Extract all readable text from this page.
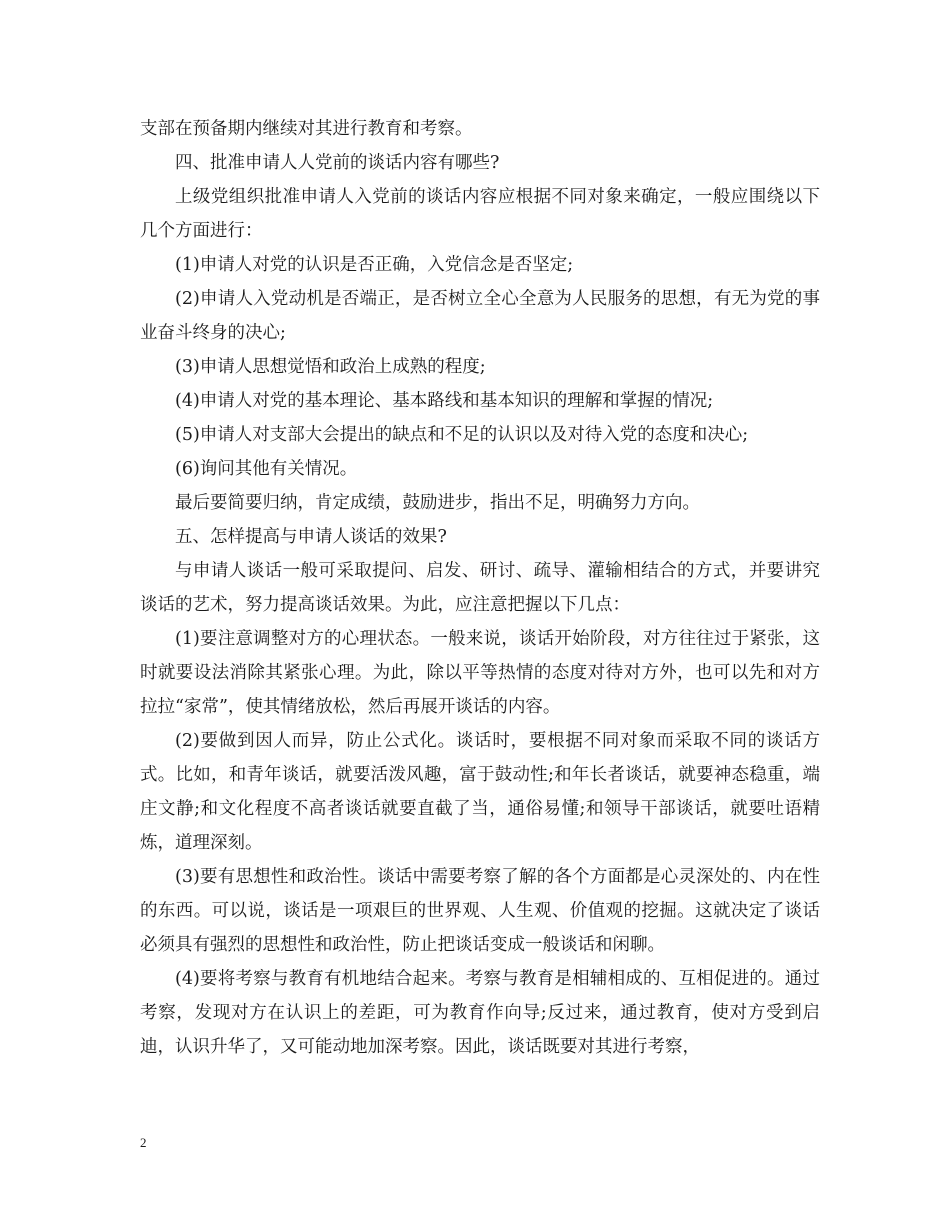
支部在预备期内继续对其进行教育和考察。

四、批准申请人人党前的谈话内容有哪些?

上级党组织批准申请人入党前的谈话内容应根据不同对象来确定，一般应围绕以下几个方面进行：

(1)申请人对党的认识是否正确，入党信念是否坚定;

(2)申请人入党动机是否端正，是否树立全心全意为人民服务的思想，有无为党的事业奋斗终身的决心;

(3)申请人思想觉悟和政治上成熟的程度;

(4)申请人对党的基本理论、基本路线和基本知识的理解和掌握的情况;

(5)申请人对支部大会提出的缺点和不足的认识以及对待入党的态度和决心;

(6)询问其他有关情况。

最后要简要归纳，肯定成绩，鼓励进步，指出不足，明确努力方向。

五、怎样提高与申请人谈话的效果?

与申请人谈话一般可采取提问、启发、研讨、疏导、灌输相结合的方式，并要讲究谈话的艺术，努力提高谈话效果。为此，应注意把握以下几点：

(1)要注意调整对方的心理状态。一般来说，谈话开始阶段，对方往往过于紧张，这时就要设法消除其紧张心理。为此，除以平等热情的态度对待对方外，也可以先和对方拉拉“家常”，使其情绪放松，然后再展开谈话的内容。

(2)要做到因人而异，防止公式化。谈话时，要根据不同对象而采取不同的谈话方式。比如，和青年谈话，就要活泼风趣，富于鼓动性;和年长者谈话，就要神态稳重，端庄文静;和文化程度不高者谈话就要直截了当，通俗易懂;和领导干部谈话，就要吐语精炼，道理深刻。

(3)要有思想性和政治性。谈话中需要考察了解的各个方面都是心灵深处的、内在性的东西。可以说，谈话是一项艰巨的世界观、人生观、价值观的挖掘。这就决定了谈话必须具有强烈的思想性和政治性，防止把谈话变成一般谈话和闲聊。

(4)要将考察与教育有机地结合起来。考察与教育是相辅相成的、互相促进的。通过考察，发现对方在认识上的差距，可为教育作向导;反过来，通过教育，使对方受到启迪，认识升华了，又可能动地加深考察。因此，谈话既要对其进行考察，

2
